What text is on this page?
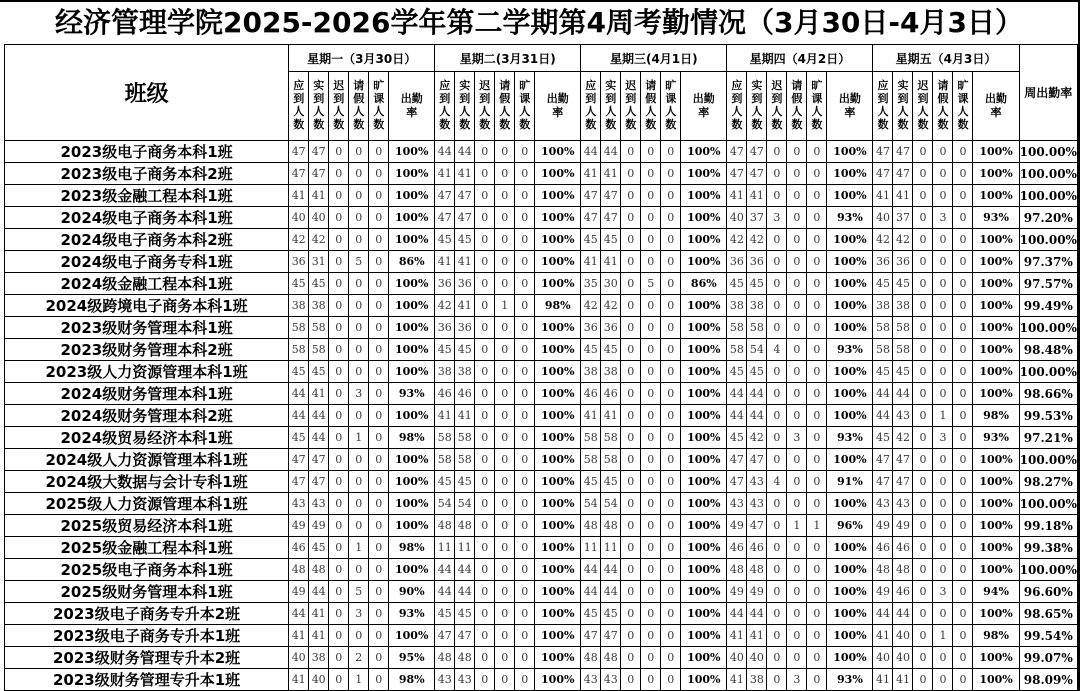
经济管理学院2025-2026学年第二学期第4周考勤情况（3月30日-4月3日）
班级	星期一（3月30日）						星期二(3月31日)						星期三(4月1日)						星期四（4月2日）						星期五（4月3日）						周出勤率

	应到人数	实到人数	迟到人数	请假人数	旷课人数	出勤率	应到人数	实到人数	迟到人数	请假人数	旷课人数	出勤率	应到人数	实到人数	迟到人数	请假人数	旷课人数	出勤率	应到人数	实到人数	迟到人数	请假人数	旷课人数	出勤率	应到人数	实到人数	迟到人数	请假人数	旷课人数	出勤率	

2023级电子商务本科1班	47	47	0	0	0	100%	44	44	0	0	0	100%	44	44	0	0	0	100%	47	47	0	0	0	100%	47	47	0	0	0	100%	100.00%
2023级电子商务本科2班	47	47	0	0	0	100%	41	41	0	0	0	100%	41	41	0	0	0	100%	47	47	0	0	0	100%	47	47	0	0	0	100%	100.00%
2023级金融工程本科1班	41	41	0	0	0	100%	47	47	0	0	0	100%	47	47	0	0	0	100%	41	41	0	0	0	100%	41	41	0	0	0	100%	100.00%
2024级电子商务本科1班	40	40	0	0	0	100%	47	47	0	0	0	100%	47	47	0	0	0	100%	40	37	3	0	0	93%	40	37	0	3	0	93%	97.20%
2024级电子商务本科2班	42	42	0	0	0	100%	45	45	0	0	0	100%	45	45	0	0	0	100%	42	42	0	0	0	100%	42	42	0	0	0	100%	100.00%
2024级电子商务专科1班	36	31	0	5	0	86%	41	41	0	0	0	100%	41	41	0	0	0	100%	36	36	0	0	0	100%	36	36	0	0	0	100%	97.37%
2024级金融工程本科1班	45	45	0	0	0	100%	36	36	0	0	0	100%	35	30	0	5	0	86%	45	45	0	0	0	100%	45	45	0	0	0	100%	97.57%
2024级跨境电子商务本科1班	38	38	0	0	0	100%	42	41	0	1	0	98%	42	42	0	0	0	100%	38	38	0	0	0	100%	38	38	0	0	0	100%	99.49%
2023级财务管理本科1班	58	58	0	0	0	100%	36	36	0	0	0	100%	36	36	0	0	0	100%	58	58	0	0	0	100%	58	58	0	0	0	100%	100.00%
2023级财务管理本科2班	58	58	0	0	0	100%	45	45	0	0	0	100%	45	45	0	0	0	100%	58	54	4	0	0	93%	58	58	0	0	0	100%	98.48%
2023级人力资源管理本科1班	45	45	0	0	0	100%	38	38	0	0	0	100%	38	38	0	0	0	100%	45	45	0	0	0	100%	45	45	0	0	0	100%	100.00%
2024级财务管理本科1班	44	41	0	3	0	93%	46	46	0	0	0	100%	46	46	0	0	0	100%	44	44	0	0	0	100%	44	44	0	0	0	100%	98.66%
2024级财务管理本科2班	44	44	0	0	0	100%	41	41	0	0	0	100%	41	41	0	0	0	100%	44	44	0	0	0	100%	44	43	0	1	0	98%	99.53%
2024级贸易经济本科1班	45	44	0	1	0	98%	58	58	0	0	0	100%	58	58	0	0	0	100%	45	42	0	3	0	93%	45	42	0	3	0	93%	97.21%
2024级人力资源管理本科1班	47	47	0	0	0	100%	58	58	0	0	0	100%	58	58	0	0	0	100%	47	47	0	0	0	100%	47	47	0	0	0	100%	100.00%
2024级大数据与会计专科1班	47	47	0	0	0	100%	45	45	0	0	0	100%	45	45	0	0	0	100%	47	43	4	0	0	91%	47	47	0	0	0	100%	98.27%
2025级人力资源管理本科1班	43	43	0	0	0	100%	54	54	0	0	0	100%	54	54	0	0	0	100%	43	43	0	0	0	100%	43	43	0	0	0	100%	100.00%
2025级贸易经济本科1班	49	49	0	0	0	100%	48	48	0	0	0	100%	48	48	0	0	0	100%	49	47	0	1	1	96%	49	49	0	0	0	100%	99.18%
2025级金融工程本科1班	46	45	0	1	0	98%	11	11	0	0	0	100%	11	11	0	0	0	100%	46	46	0	0	0	100%	46	46	0	0	0	100%	99.38%
2025级电子商务本科1班	48	48	0	0	0	100%	44	44	0	0	0	100%	44	44	0	0	0	100%	48	48	0	0	0	100%	48	48	0	0	0	100%	100.00%
2025级财务管理本科1班	49	44	0	5	0	90%	44	44	0	0	0	100%	44	44	0	0	0	100%	49	49	0	0	0	100%	49	46	0	3	0	94%	96.60%
2023级电子商务专升本2班	44	41	0	3	0	93%	45	45	0	0	0	100%	45	45	0	0	0	100%	44	44	0	0	0	100%	44	44	0	0	0	100%	98.65%
2023级电子商务专升本1班	41	41	0	0	0	100%	47	47	0	0	0	100%	47	47	0	0	0	100%	41	41	0	0	0	100%	41	40	0	1	0	98%	99.54%
2023级财务管理专升本2班	40	38	0	2	0	95%	48	48	0	0	0	100%	48	48	0	0	0	100%	40	40	0	0	0	100%	40	40	0	0	0	100%	99.07%
2023级财务管理专升本1班	41	40	0	1	0	98%	43	43	0	0	0	100%	43	43	0	0	0	100%	41	38	0	3	0	93%	41	41	0	0	0	100%	98.09%
